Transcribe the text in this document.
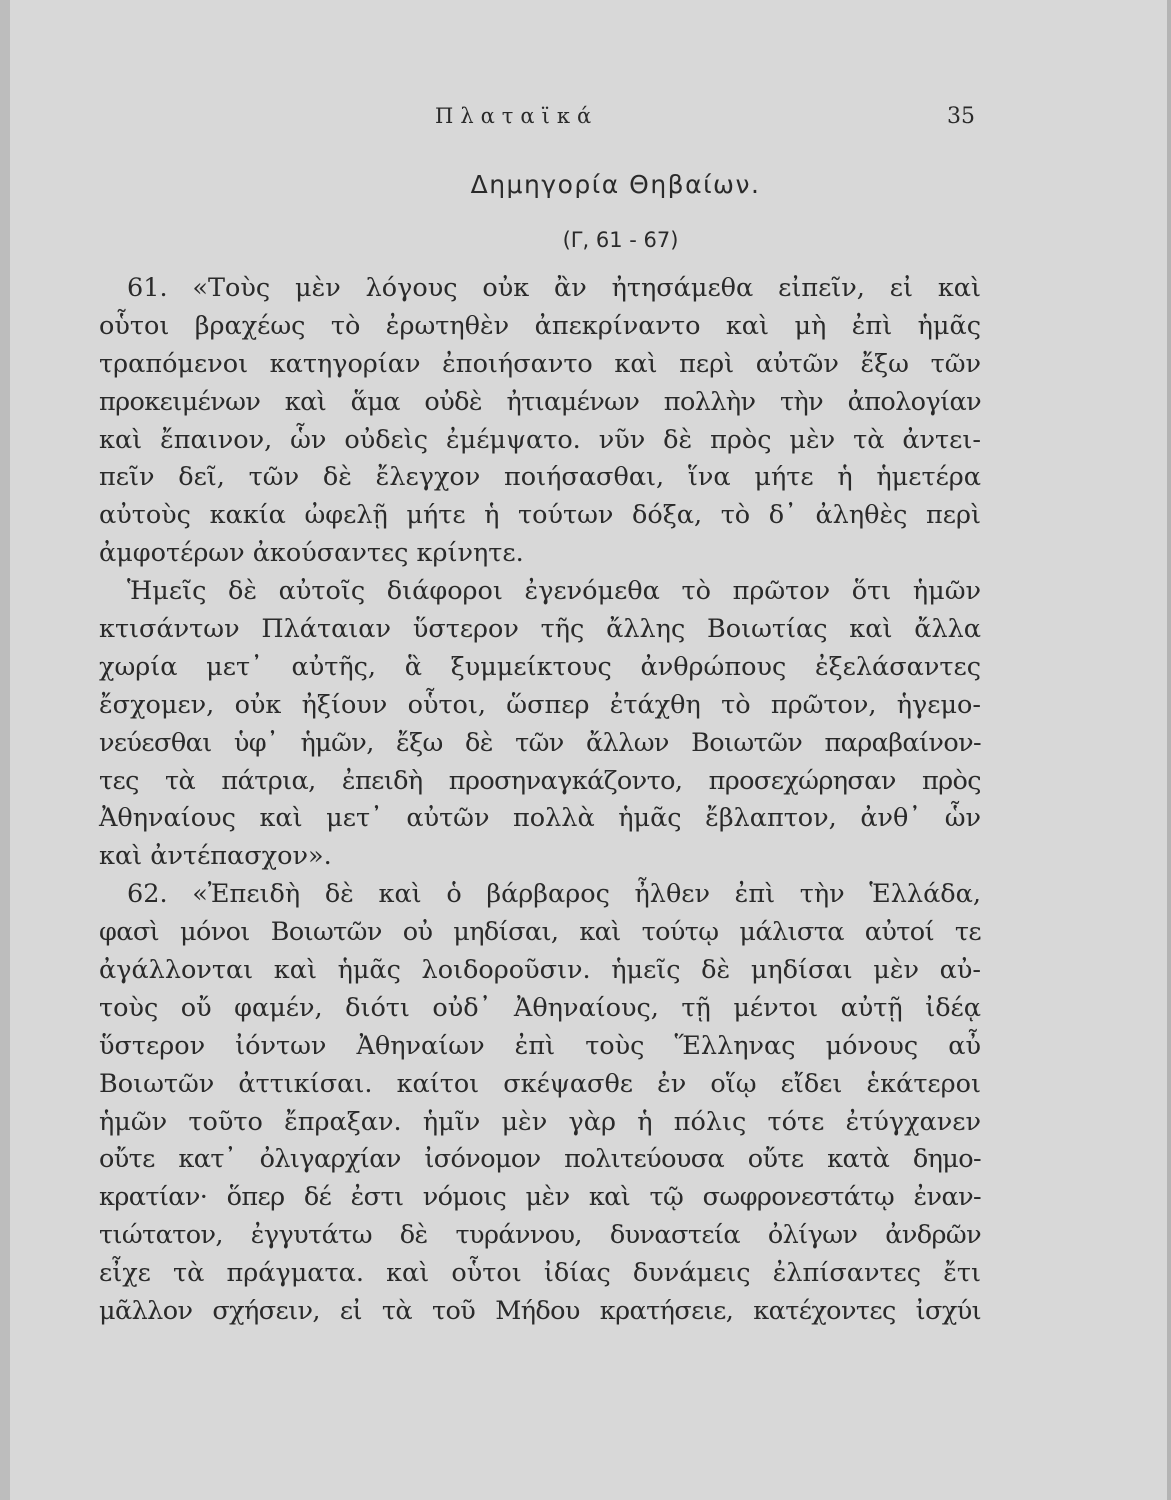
Πλαταϊκά	35
Δημηγορία Θηβαίων.
(Γ, 61 - 67)
61. «Τοὺς μὲν λόγους οὐκ ἂν ἠτησάμεθα εἰπεῖν, εἰ καὶ
οὗτοι βραχέως τὸ ἐρωτηθὲν ἀπεκρίναντο καὶ μὴ ἐπὶ ἡμᾶς
τραπόμενοι κατηγορίαν ἐποιήσαντο καὶ περὶ αὐτῶν ἔξω τῶν
προκειμένων καὶ ἅμα οὐδὲ ἠτιαμένων πολλὴν τὴν ἀπολογίαν
καὶ ἔπαινον, ὧν οὐδεὶς ἐμέμψατο. νῦν δὲ πρὸς μὲν τὰ ἀντει-
πεῖν δεῖ, τῶν δὲ ἔλεγχον ποιήσασθαι, ἵνα μήτε ἡ ἡμετέρα
αὐτοὺς κακία ὠφελῇ μήτε ἡ τούτων δόξα, τὸ δ᾽ ἀληθὲς περὶ
ἀμφοτέρων ἀκούσαντες κρίνητε.
Ἡμεῖς δὲ αὐτοῖς διάφοροι ἐγενόμεθα τὸ πρῶτον ὅτι ἡμῶν
κτισάντων Πλάταιαν ὕστερον τῆς ἄλλης Βοιωτίας καὶ ἄλλα
χωρία μετ᾽ αὐτῆς, ἃ ξυμμείκτους ἀνθρώπους ἐξελάσαντες
ἔσχομεν, οὐκ ἠξίουν οὗτοι, ὥσπερ ἐτάχθη τὸ πρῶτον, ἡγεμο-
νεύεσθαι ὑφ᾽ ἡμῶν, ἔξω δὲ τῶν ἄλλων Βοιωτῶν παραβαίνον-
τες τὰ πάτρια, ἐπειδὴ προσηναγκάζοντο, προσεχώρησαν πρὸς
Ἀθηναίους καὶ μετ᾽ αὐτῶν πολλὰ ἡμᾶς ἔβλαπτον, ἀνθ᾽ ὧν
καὶ ἀντέπασχον».
62. «Ἐπειδὴ δὲ καὶ ὁ βάρβαρος ἦλθεν ἐπὶ τὴν Ἑλλάδα,
φασὶ μόνοι Βοιωτῶν οὐ μηδίσαι, καὶ τούτῳ μάλιστα αὐτοί τε
ἀγάλλονται καὶ ἡμᾶς λοιδοροῦσιν. ἡμεῖς δὲ μηδίσαι μὲν αὐ-
τοὺς οὔ φαμέν, διότι οὐδ᾽ Ἀθηναίους, τῇ μέντοι αὐτῇ ἰδέᾳ
ὕστερον ἰόντων Ἀθηναίων ἐπὶ τοὺς Ἕλληνας μόνους αὖ
Βοιωτῶν ἀττικίσαι. καίτοι σκέψασθε ἐν οἵῳ εἴδει ἑκάτεροι
ἡμῶν τοῦτο ἔπραξαν. ἡμῖν μὲν γὰρ ἡ πόλις τότε ἐτύγχανεν
οὔτε κατ᾽ ὀλιγαρχίαν ἰσόνομον πολιτεύουσα οὔτε κατὰ δημο-
κρατίαν· ὅπερ δέ ἐστι νόμοις μὲν καὶ τῷ σωφρονεστάτῳ ἐναν-
τιώτατον, ἐγγυτάτω δὲ τυράννου, δυναστεία ὀλίγων ἀνδρῶν
εἶχε τὰ πράγματα. καὶ οὗτοι ἰδίας δυνάμεις ἐλπίσαντες ἔτι
μᾶλλον σχήσειν, εἰ τὰ τοῦ Μήδου κρατήσειε, κατέχοντες ἰσχύι
